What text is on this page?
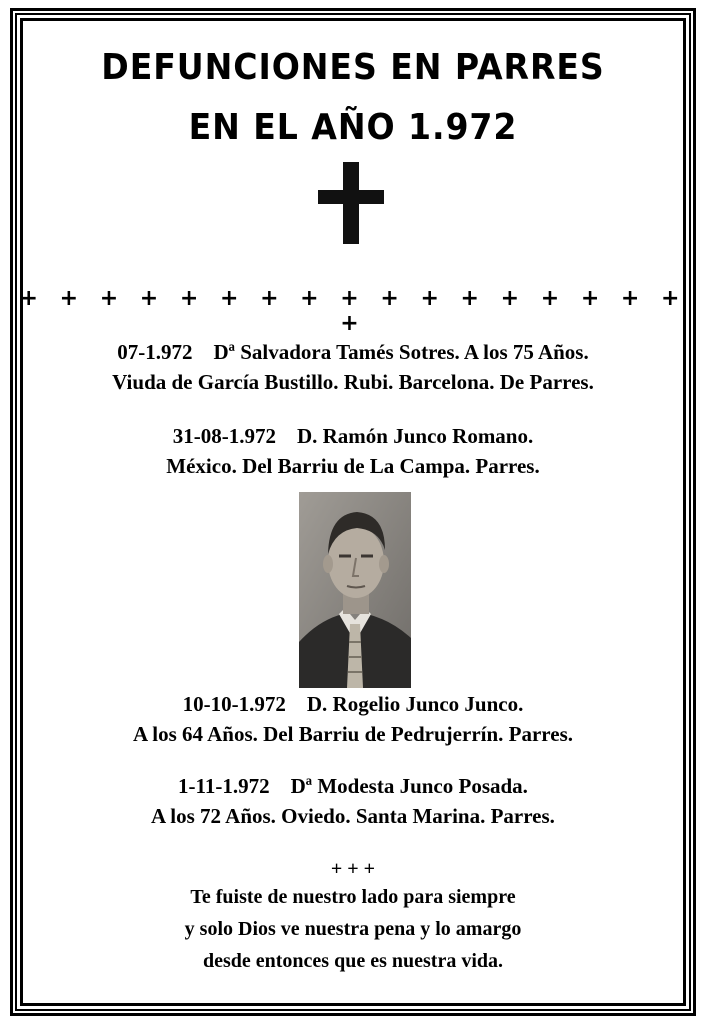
DEFUNCIONES EN PARRES
EN EL AÑO 1.972
+ + + + + + + + + + + + + + + + + +
07-1.972    Dª Salvadora Tamés Sotres. A los 75 Años.
Viuda de García Bustillo. Rubi. Barcelona. De Parres.
31-08-1.972    D. Ramón Junco Romano.
México. Del Barriu de La Campa. Parres.
10-10-1.972    D. Rogelio Junco Junco.
A los 64 Años. Del Barriu de Pedrujerrín. Parres.
1-11-1.972    Dª Modesta Junco Posada.
A los 72 Años. Oviedo. Santa Marina. Parres.
+ + +
Te fuiste de nuestro lado para siempre
y solo Dios ve nuestra pena y lo amargo
desde entonces que es nuestra vida.
